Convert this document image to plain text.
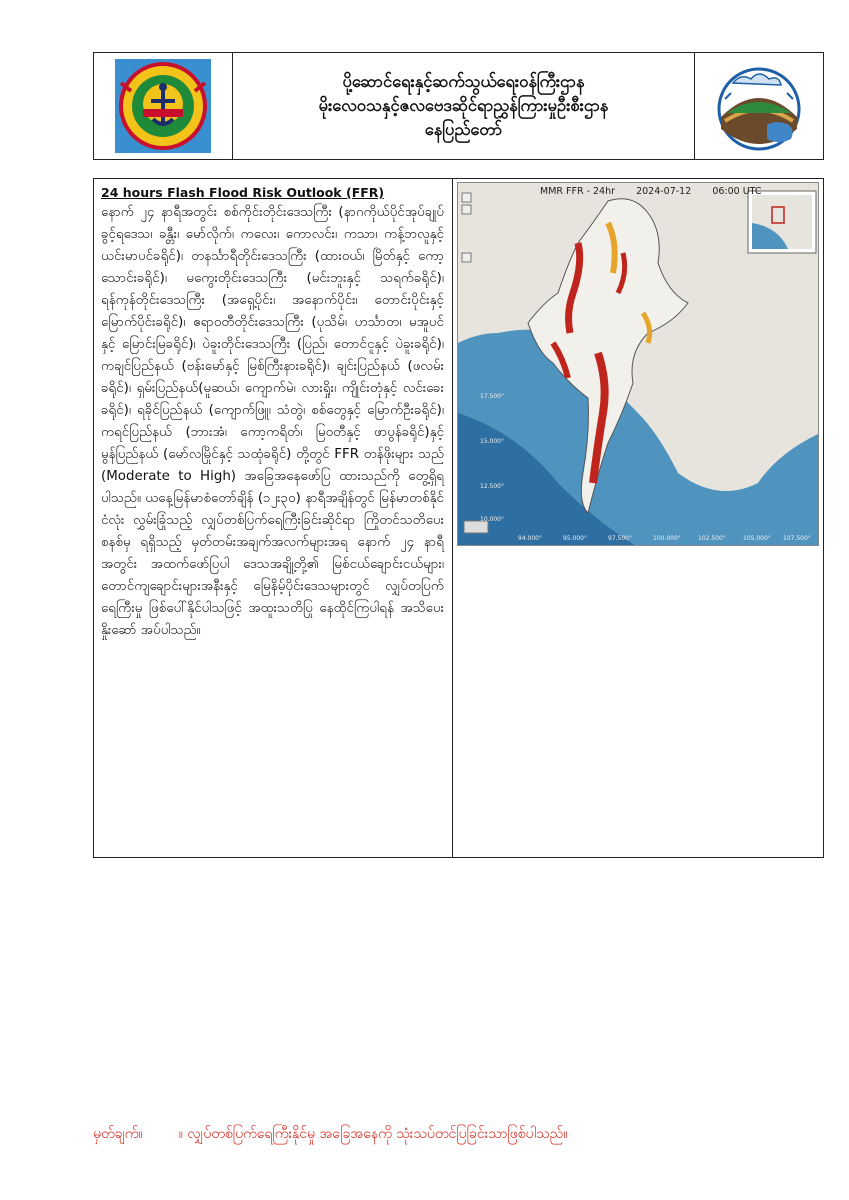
ပို့ဆောင်ရေးနှင့်ဆက်သွယ်ရေးဝန်ကြီးဌာန
မိုးလေဝသနှင့်ဇလဗေဒဆိုင်ရာညွှန်ကြားမှုဦးစီးဌာန
နေပြည်တော်

24 hours Flash Flood Risk Outlook (FFR)

နောက် ၂၄ နာရီအတွင်း စစ်ကိုင်းတိုင်းဒေသကြီး (နာဂကိုယ်ပိုင်အုပ်ချုပ်ခွင့်ရဒေသ၊ ခန္တီး၊ မော်လိုက်၊ ကလေး၊ ကောလင်း၊ ကသာ၊ ကန့်ဘလူနှင့် ယင်းမာပင်ခရိုင်)၊ တနင်္သာရီတိုင်းဒေသကြီး (ထားဝယ်၊ မြိတ်နှင့် ကော့သောင်းခရိုင်)၊ မကွေးတိုင်းဒေသကြီး (မင်းဘူးနှင့် သရက်ခရိုင်)၊ ရန်ကုန်တိုင်းဒေသကြီး (အရှေ့ပိုင်း၊ အနောက်ပိုင်း၊ တောင်းပိုင်းနှင့် မြောက်ပိုင်းခရိုင်)၊ ဧရာဝတီတိုင်းဒေသကြီး (ပုသိမ်၊ ဟင်္သာတ၊ မအူပင်နှင့် မြောင်းမြခရိုင်)၊ ပဲခူးတိုင်းဒေသကြီး (ပြည်၊ တောင်ငူနှင့် ပဲခူးခရိုင်)၊ ကချင်ပြည်နယ် (ဗန်းမော်နှင့် မြစ်ကြီးနားခရိုင်)၊ ချင်းပြည်နယ် (ဖလမ်းခရိုင်)၊ ရှမ်းပြည်နယ်(မူဆယ်၊ ကျောက်မဲ၊ လားရှိုး၊ ကျိုင်းတုံနှင့် လင်းခေးခရိုင်)၊ ရခိုင်ပြည်နယ် (ကျောက်ဖြူ၊ သံတွဲ၊ စစ်တွေနှင့် မြောက်ဦးခရိုင်)၊ ကရင်ပြည်နယ် (ဘားအံ၊ ကော့ကရိတ်၊ မြဝတီနှင့် ဖာပွန်ခရိုင်)နှင့် မွန်ပြည်နယ် (မော်လမြိုင်နှင့် သထုံခရိုင်) တို့တွင် FFR တန်ဖိုးများ သည် (Moderate to High) အခြေအနေဖော်ပြ ထားသည်ကို တွေ့ရှိရပါသည်။ ယနေ့မြန်မာစံတော်ချိန် (၁၂း၃၀) နာရီအချိန်တွင် မြန်မာတစ်နိုင်ငံလုံး လွှမ်းခြုံသည့် လျှပ်တစ်ပြက်ရေကြီးခြင်းဆိုင်ရာ ကြိုတင်သတိပေးစနစ်မှ ရရှိသည့် မှတ်တမ်းအချက်အလက်များအရ နောက် ၂၄ နာရီအတွင်း အထက်ဖော်ပြပါ ဒေသအချို့တို့၏ မြစ်ငယ်ချောင်းငယ်များ၊ တောင်ကျချောင်းများအနီးနှင့် မြေနိမ့်ပိုင်းဒေသများတွင် လျှပ်တပြက်ရေကြီးမှု ဖြစ်ပေါ်နိုင်ပါသဖြင့် အထူးသတိပြု နေထိုင်ကြပါရန် အသိပေးနှိုးဆော် အပ်ပါသည်။

MMR FFR - 24hr 2024-07-12 06:00 UTC
17.500°
15.000°
12.500°
10.000°
94.000°	95.000°	97.500°	100.000°	102.500°	105.000° 107.500°
မှတ်ချက်။	။ လျှပ်တစ်ပြက်ရေကြီးနိုင်မှု အခြေအနေကို သုံးသပ်တင်ပြခြင်းသာဖြစ်ပါသည်။
